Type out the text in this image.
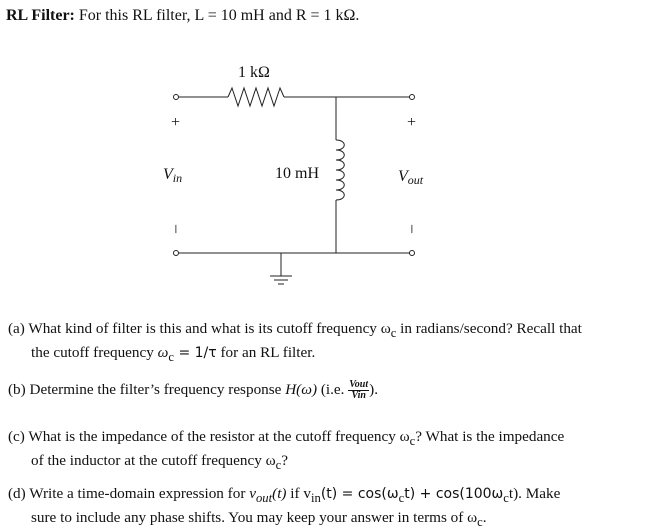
RL Filter: For this RL filter, L = 10 mH and R = 1 kΩ.
1 kΩ
+	+
Vin	10 mH	Vout
–	–
(a) What kind of filter is this and what is its cutoff frequency $\omega_c$ in radians/second? Recall that
the cutoff frequency $\omega_c = 1/\tau$ for an RL filter.
(b) Determine the filter’s frequency response H(ω) (i.e. $\frac{\text{Vout}}{\text{Vin}}$ ).
(c) What is the impedance of the resistor at the cutoff frequency $\omega_c$? What is the impedance
of the inductor at the cutoff frequency $\omega_c$?
(d) Write a time-domain expression for $v_{out}(t)$ if $v_{in}(t) = \cos(\omega_ct) + \cos(100\omega_ct)$. Make
sure to include any phase shifts. You may keep your answer in terms of $\omega_c$.
